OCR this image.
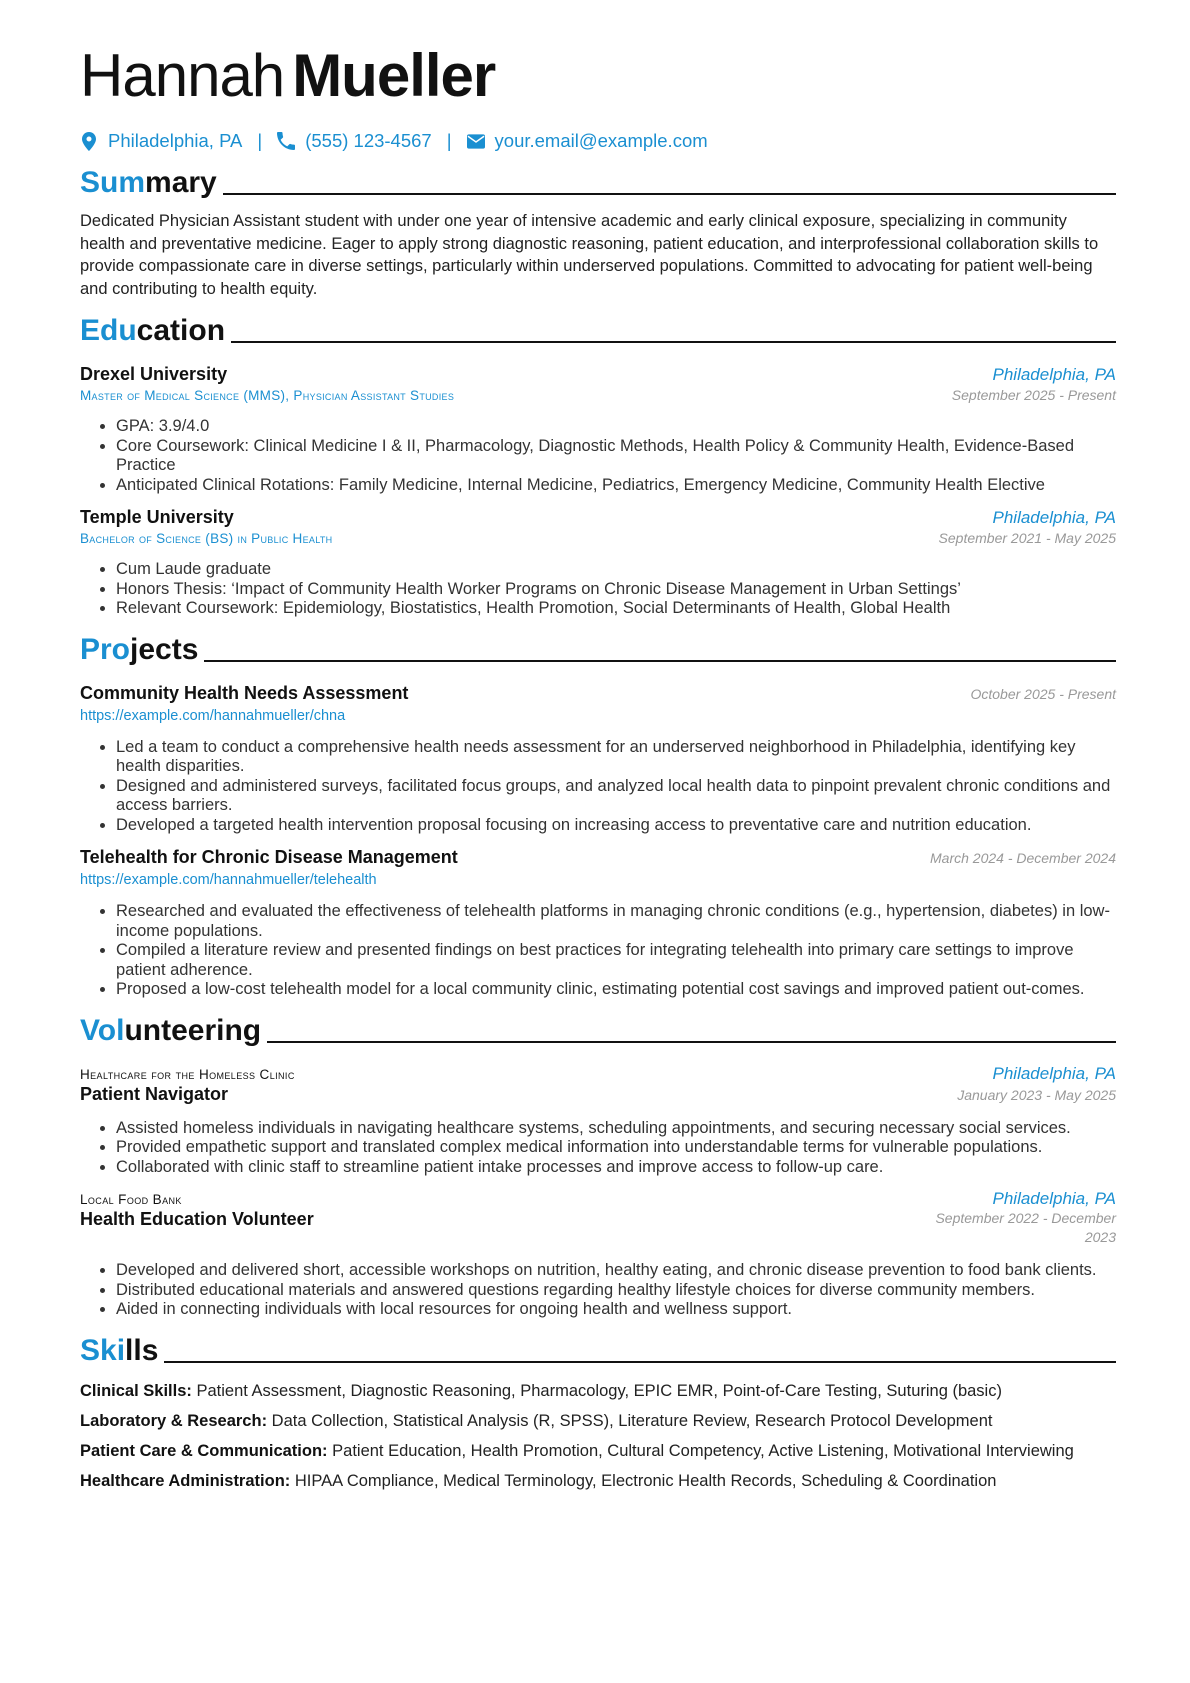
Hannah Mueller
Philadelphia, PA | (555) 123-4567 | your.email@example.com
Summary
Dedicated Physician Assistant student with under one year of intensive academic and early clinical exposure, specializing in community health and preventative medicine. Eager to apply strong diagnostic reasoning, patient education, and interprofessional collaboration skills to provide compassionate care in diverse settings, particularly within underserved populations. Committed to advocating for patient well-being and contributing to health equity.
Education
Drexel University	Philadelphia, PA
Master of Medical Science (MMS), Physician Assistant Studies	September 2025 - Present
• GPA: 3.9/4.0
• Core Coursework: Clinical Medicine I & II, Pharmacology, Diagnostic Methods, Health Policy & Community Health, Evidence-Based Practice
• Anticipated Clinical Rotations: Family Medicine, Internal Medicine, Pediatrics, Emergency Medicine, Community Health Elective
Temple University	Philadelphia, PA
Bachelor of Science (BS) in Public Health	September 2021 - May 2025
• Cum Laude graduate
• Honors Thesis: ‘Impact of Community Health Worker Programs on Chronic Disease Management in Urban Settings’
• Relevant Coursework: Epidemiology, Biostatistics, Health Promotion, Social Determinants of Health, Global Health
Projects
Community Health Needs Assessment	October 2025 - Present
https://example.com/hannahmueller/chna
• Led a team to conduct a comprehensive health needs assessment for an underserved neighborhood in Philadelphia, identifying key health disparities.
• Designed and administered surveys, facilitated focus groups, and analyzed local health data to pinpoint prevalent chronic conditions and access barriers.
• Developed a targeted health intervention proposal focusing on increasing access to preventative care and nutrition education.
Telehealth for Chronic Disease Management	March 2024 - December 2024
https://example.com/hannahmueller/telehealth
• Researched and evaluated the effectiveness of telehealth platforms in managing chronic conditions (e.g., hypertension, diabetes) in low-income populations.
• Compiled a literature review and presented findings on best practices for integrating telehealth into primary care settings to improve patient adherence.
• Proposed a low-cost telehealth model for a local community clinic, estimating potential cost savings and improved patient out-comes.
Volunteering
Healthcare for the Homeless Clinic	Philadelphia, PA
Patient Navigator	January 2023 - May 2025
• Assisted homeless individuals in navigating healthcare systems, scheduling appointments, and securing necessary social services.
• Provided empathetic support and translated complex medical information into understandable terms for vulnerable populations.
• Collaborated with clinic staff to streamline patient intake processes and improve access to follow-up care.
Local Food Bank	Philadelphia, PA
Health Education Volunteer	September 2022 - December 2023
• Developed and delivered short, accessible workshops on nutrition, healthy eating, and chronic disease prevention to food bank clients.
• Distributed educational materials and answered questions regarding healthy lifestyle choices for diverse community members.
• Aided in connecting individuals with local resources for ongoing health and wellness support.
Skills
Clinical Skills: Patient Assessment, Diagnostic Reasoning, Pharmacology, EPIC EMR, Point-of-Care Testing, Suturing (basic)
Laboratory & Research: Data Collection, Statistical Analysis (R, SPSS), Literature Review, Research Protocol Development
Patient Care & Communication: Patient Education, Health Promotion, Cultural Competency, Active Listening, Motivational Interviewing
Healthcare Administration: HIPAA Compliance, Medical Terminology, Electronic Health Records, Scheduling & Coordination
